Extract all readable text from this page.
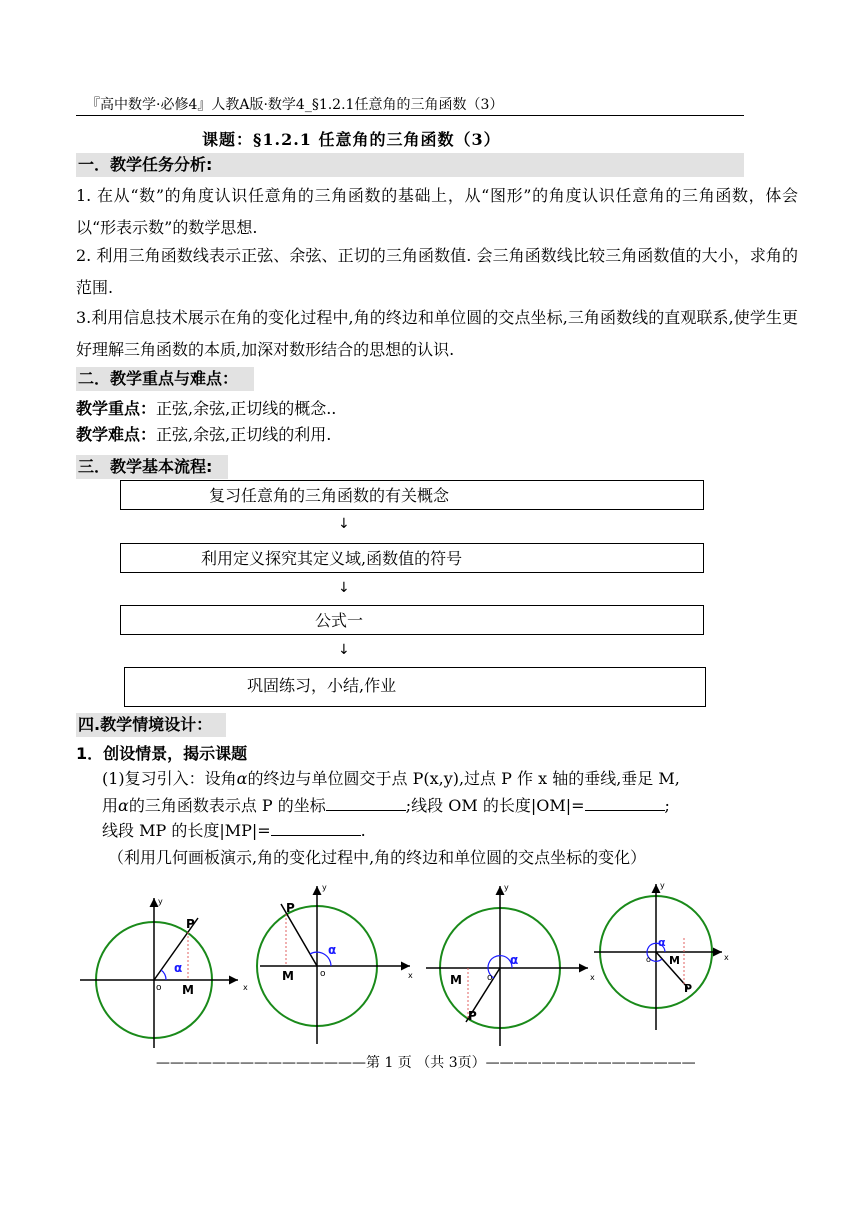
『高中数学·必修4』人教A版·数学4_§1.2.1任意角的三角函数（3）
课题：§1.2.1 任意角的三角函数（3）
一．教学任务分析:
1. 在从“数”的角度认识任意角的三角函数的基础上，从“图形”的角度认识任意角的三角函数，体会以“形表示数”的数学思想.
2. 利用三角函数线表示正弦、余弦、正切的三角函数值. 会三角函数线比较三角函数值的大小，求角的范围.
3.利用信息技术展示在角的变化过程中,角的终边和单位圆的交点坐标,三角函数线的直观联系,使学生更好理解三角函数的本质,加深对数形结合的思想的认识.
二．教学重点与难点：
教学重点：正弦,余弦,正切线的概念..
教学难点：正弦,余弦,正切线的利用.
三．教学基本流程:
复习任意角的三角函数的有关概念
↓
利用定义探究其定义域,函数值的符号
↓
公式一
↓
巩固练习，小结,作业
四.教学情境设计：
1．创设情景，揭示课题
(1)复习引入：设角α的终边与单位圆交于点 P(x,y),过点 P 作 x 轴的垂线,垂足 M,
用α的三角函数表示点 P 的坐标	;线段 OM 的长度|OM|=	;
线段 MP 的长度|MP|=	.
（利用几何画板演示,角的变化过程中,角的终边和单位圆的交点坐标的变化）
α
P
M
o	x
y
α
P
M	o	x
y
α
P
M	o	x
y
α
P
M
o	x
y
———————————————第 1 页 （共 3页）———————————————
